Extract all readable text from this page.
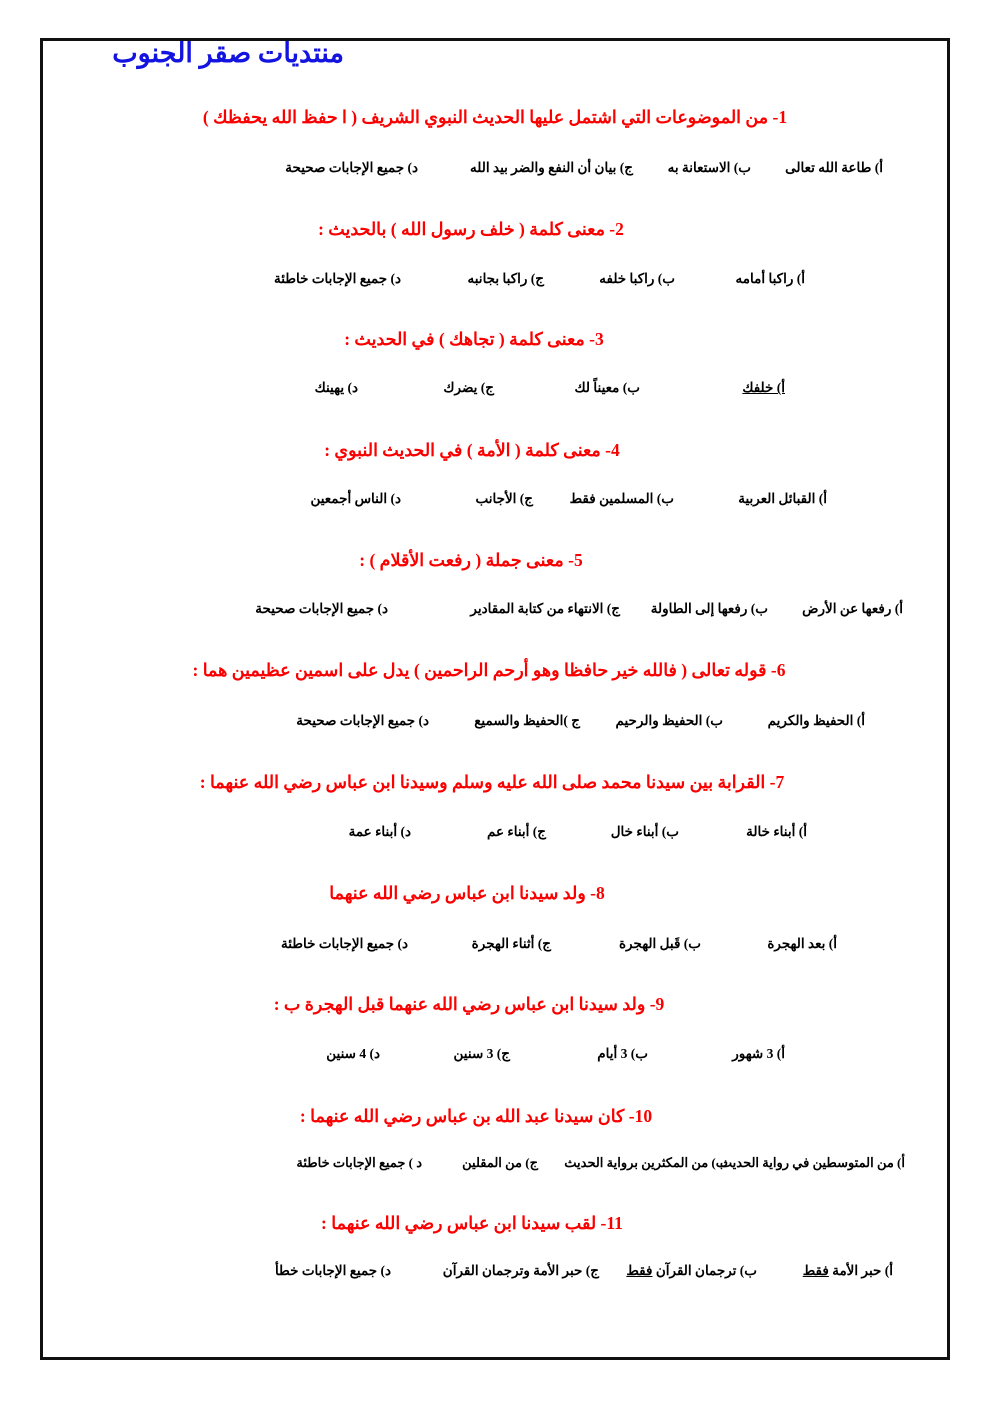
منتديات صقر الجنوب

1- من الموضوعات التي اشتمل عليها الحديث النبوي الشريف ( ا حفظ الله يحفظك )

أ) طاعة الله تعالى
ب) الاستعانة به
ج) بيان أن النفع والضر بيد الله
د) جميع الإجابات صحيحة

2- معنى كلمة ( خلف رسول الله ) بالحديث :

أ) راكبا أمامه
ب) راكبا خلفه
ج) راكبا بجانبه
د) جميع الإجابات خاطئة

3- معنى كلمة ( تجاهك ) في الحديث :

أ) خلفك
ب) معيناً لك
ج) يضرك
د) يهينك

4- معنى كلمة ( الأمة ) في الحديث النبوي :

أ) القبائل العربية
ب) المسلمين فقط
ج) الأجانب
د) الناس أجمعين

5- معنى جملة ( رفعت الأقلام ) :

أ) رفعها عن الأرض
ب) رفعها إلى الطاولة
ج) الانتهاء من كتابة المقادير
د) جميع الإجابات صحيحة

6- قوله تعالى ( فالله خير حافظا وهو أرحم الراحمين ) يدل على اسمين عظيمين هما :

أ) الحفيظ والكريم
ب) الحفيظ والرحيم
ج )الحفيظ والسميع
د) جميع الإجابات صحيحة

7- القرابة بين سيدنا محمد صلى الله عليه وسلم وسيدنا ابن عباس رضي الله عنهما :

أ) أبناء خالة
ب) أبناء خال
ج) أبناء عم
د) أبناء عمة

8- ولد سيدنا ابن عباس رضي الله عنهما

أ) بعد الهجرة
ب) قَبل الهجرة
ج) أثناء الهجرة
د) جميع الإجابات خاطئة

9- ولد سيدنا ابن عباس رضي الله عنهما قبل الهجرة ب :

أ) 3 شهور
ب) 3 أيام
ج) 3 سنين
د) 4 سنين

10- كان سيدنا عبد الله بن عباس رضي الله عنهما :

أ) من المتوسطين في رواية الحديث
ب) من المكثرين برواية الحديث
ج) من المقلين
د ) جميع الإجابات خاطئة

11- لقب سيدنا ابن عباس رضي الله عنهما :

أ) حبر الأمة فقط
ب) ترجمان القرآن فقط
ج) حبر الأمة وترجمان القرآن
د) جميع الإجابات خطأ
